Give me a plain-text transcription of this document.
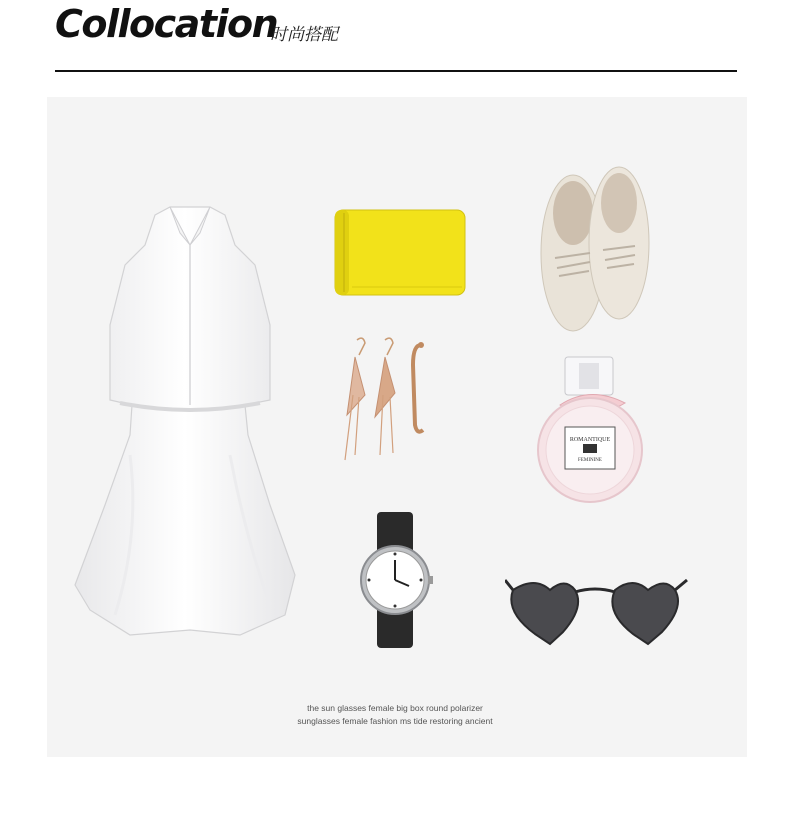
Collocation
时尚搭配
ROMANTIQUE
FEMININE
the sun glasses female big box round polarizer
sunglasses female fashion ms tide restoring ancient
